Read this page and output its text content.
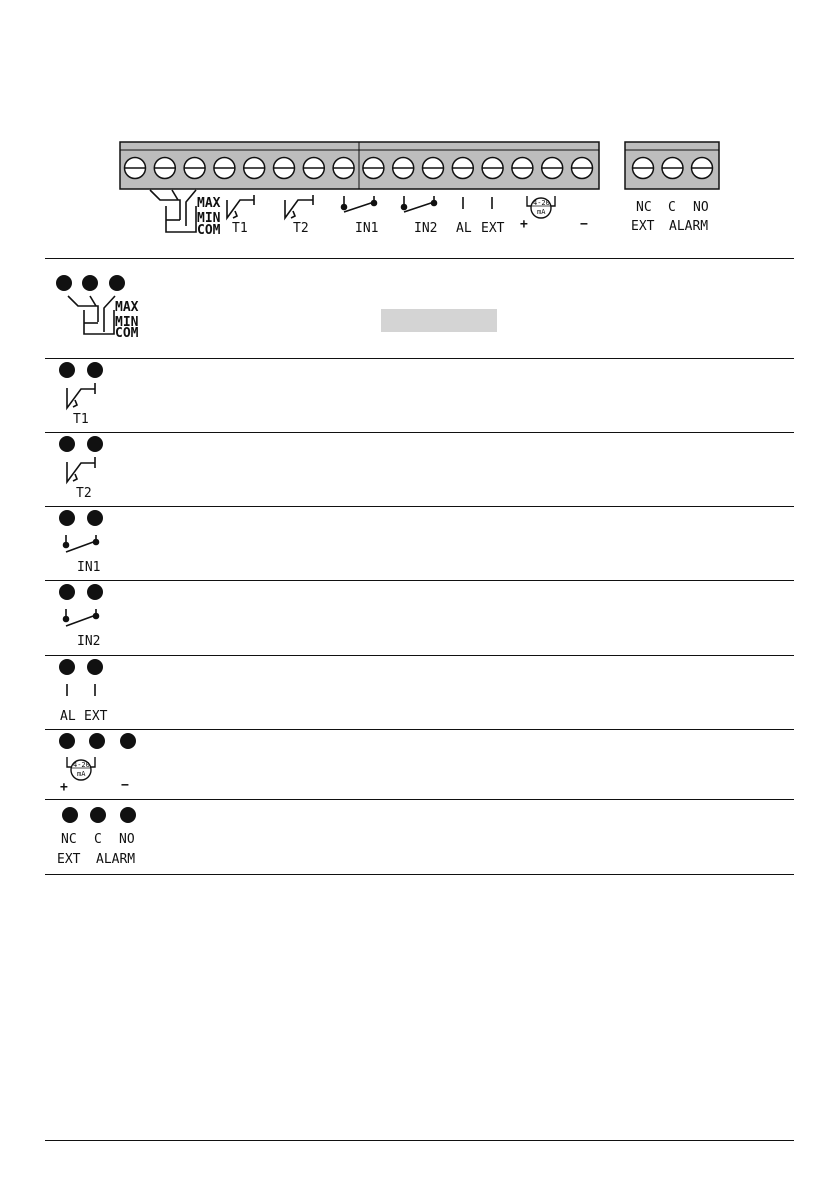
MAX
MIN
COM T1	T2	IN1	IN2 AL EXT
4-20
mA
+	−
NC C NO
EXT ALARM
MAX
MIN
COM
T1
T2
IN1
IN2
AL EXT
4-20
mA
+	−
NC C NO
EXT ALARM
